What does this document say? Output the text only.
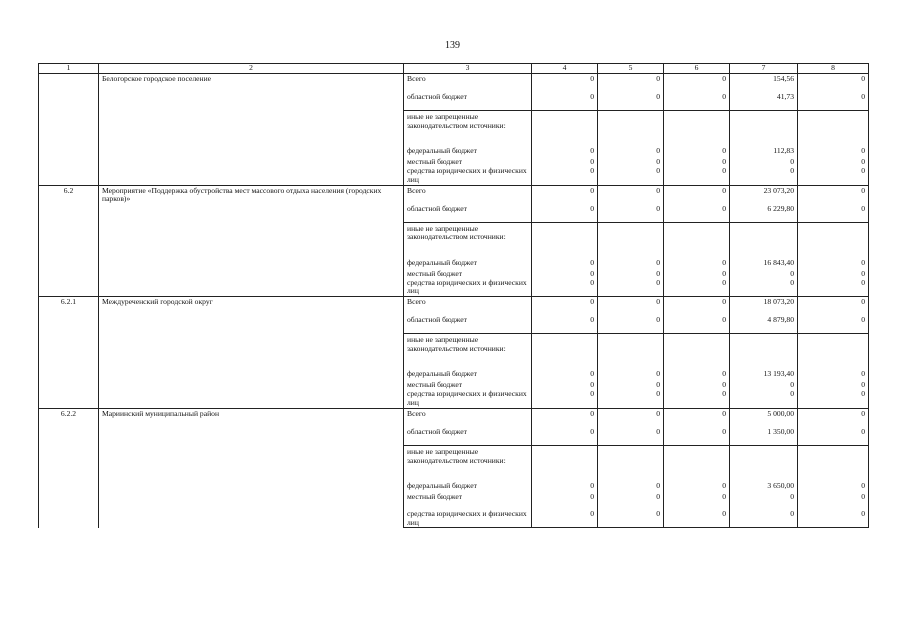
139
1	2	3	4	5	6	7	8
	Белогорское городское поселение	Всего	0	0	0	154,56	0
		областной бюджет	0	0	0	41,73	0
		иные не запрещенные законодательством источники:					
		федеральный бюджет	0	0	0	112,83	0
		местный бюджет	0	0	0	0	0
		средства юридических и физических лиц	0	0	0	0	0
6.2	Мероприятие «Поддержка обустройства мест массового отдыха населения (городских парков)»	Всего	0	0	0	23 073,20	0
		областной бюджет	0	0	0	6 229,80	0
		иные не запрещенные законодательством источники:					
		федеральный бюджет	0	0	0	16 843,40	0
		местный бюджет	0	0	0	0	0
		средства юридических и физических лиц	0	0	0	0	0
6.2.1	Междуреченский городской округ	Всего	0	0	0	18 073,20	0
		областной бюджет	0	0	0	4 879,80	0
		иные не запрещенные законодательством источники:					
		федеральный бюджет	0	0	0	13 193,40	0
		местный бюджет	0	0	0	0	0
		средства юридических и физических лиц	0	0	0	0	0
6.2.2	Мариинский муниципальный район	Всего	0	0	0	5 000,00	0
		областной бюджет	0	0	0	1 350,00	0
		иные не запрещенные законодательством источники:					
		федеральный бюджет	0	0	0	3 650,00	0
		местный бюджет	0	0	0	0	0
		средства юридических и физических лиц	0	0	0	0	0
